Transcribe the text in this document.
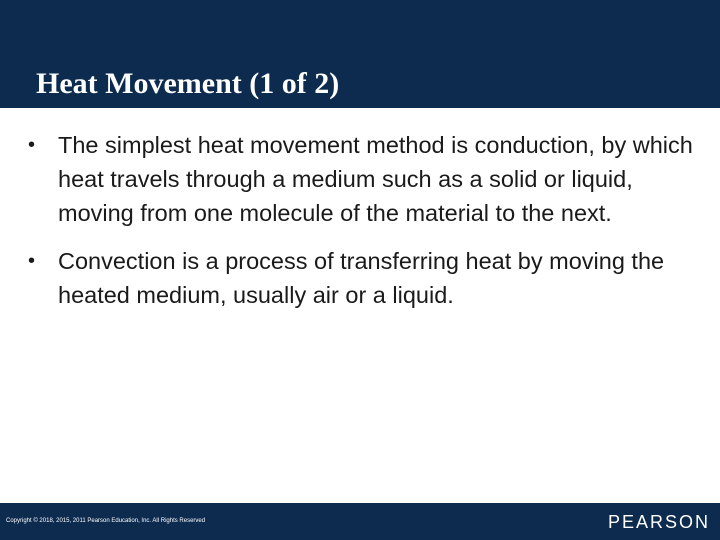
Heat Movement (1 of 2)
• The simplest heat movement method is conduction, by which heat travels through a medium such as a solid or liquid, moving from one molecule of the material to the next.
• Convection is a process of transferring heat by moving the heated medium, usually air or a liquid.
Copyright © 2018, 2015, 2011 Pearson Education, Inc. All Rights Reserved	PEARSON
